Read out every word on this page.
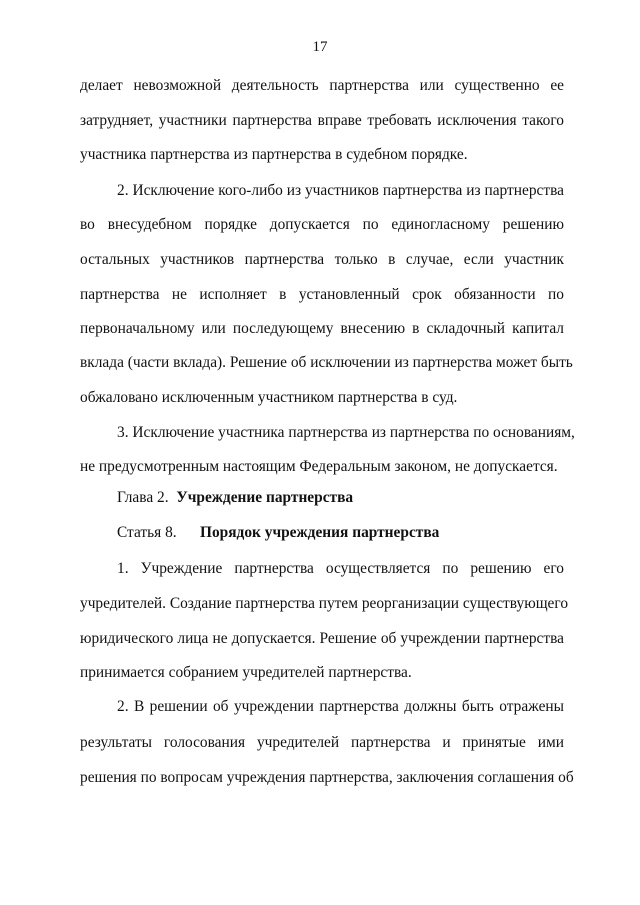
17
делает невозможной деятельность партнерства или существенно ее
затрудняет, участники партнерства вправе требовать исключения такого
участника партнерства из партнерства в судебном порядке.
2. Исключение кого-либо из участников партнерства из партнерства
во внесудебном порядке допускается по единогласному решению
остальных участников партнерства только в случае, если участник
партнерства не исполняет в установленный срок обязанности по
первоначальному или последующему внесению в складочный капитал
вклада (части вклада). Решение об исключении из партнерства может быть
обжаловано исключенным участником партнерства в суд.
3. Исключение участника партнерства из партнерства по основаниям,
не предусмотренным настоящим Федеральным законом, не допускается.
Глава 2. Учреждение партнерства
Статья 8. Порядок учреждения партнерства
1. Учреждение партнерства осуществляется по решению его
учредителей. Создание партнерства путем реорганизации существующего
юридического лица не допускается. Решение об учреждении партнерства
принимается собранием учредителей партнерства.
2. В решении об учреждении партнерства должны быть отражены
результаты голосования учредителей партнерства и принятые ими
решения по вопросам учреждения партнерства, заключения соглашения об
